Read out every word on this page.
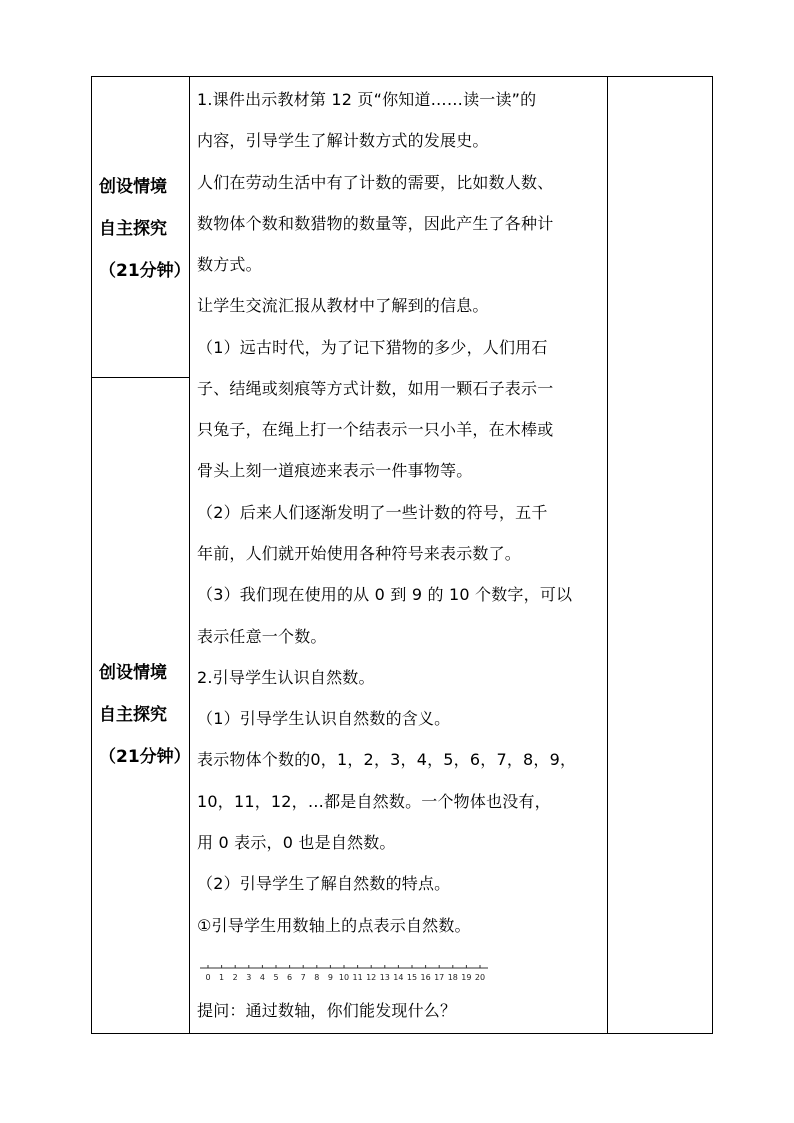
创设情境
自主探究
（21分钟）
创设情境
自主探究
（21分钟）
1.课件出示教材第 12 页“你知道……读一读”的
内容，引导学生了解计数方式的发展史。
人们在劳动生活中有了计数的需要，比如数人数、
数物体个数和数猎物的数量等，因此产生了各种计
数方式。
让学生交流汇报从教材中了解到的信息。
（1）远古时代，为了记下猎物的多少，人们用石
子、结绳或刻痕等方式计数，如用一颗石子表示一
只兔子，在绳上打一个结表示一只小羊，在木棒或
骨头上刻一道痕迹来表示一件事物等。
（2）后来人们逐渐发明了一些计数的符号，五千
年前，人们就开始使用各种符号来表示数了。
（3）我们现在使用的从 0 到 9 的 10 个数字，可以
表示任意一个数。
2.引导学生认识自然数。
（1）引导学生认识自然数的含义。
表示物体个数的0，1，2，3，4，5，6，7，8，9，
10，11，12，…都是自然数。一个物体也没有，
用 0 表示，0 也是自然数。
（2）引导学生了解自然数的特点。
①引导学生用数轴上的点表示自然数。
0 1 2 3 4 5 6 7 8 9 10 11 12 13 14 15 16 17 18 19 20
提问：通过数轴，你们能发现什么？
